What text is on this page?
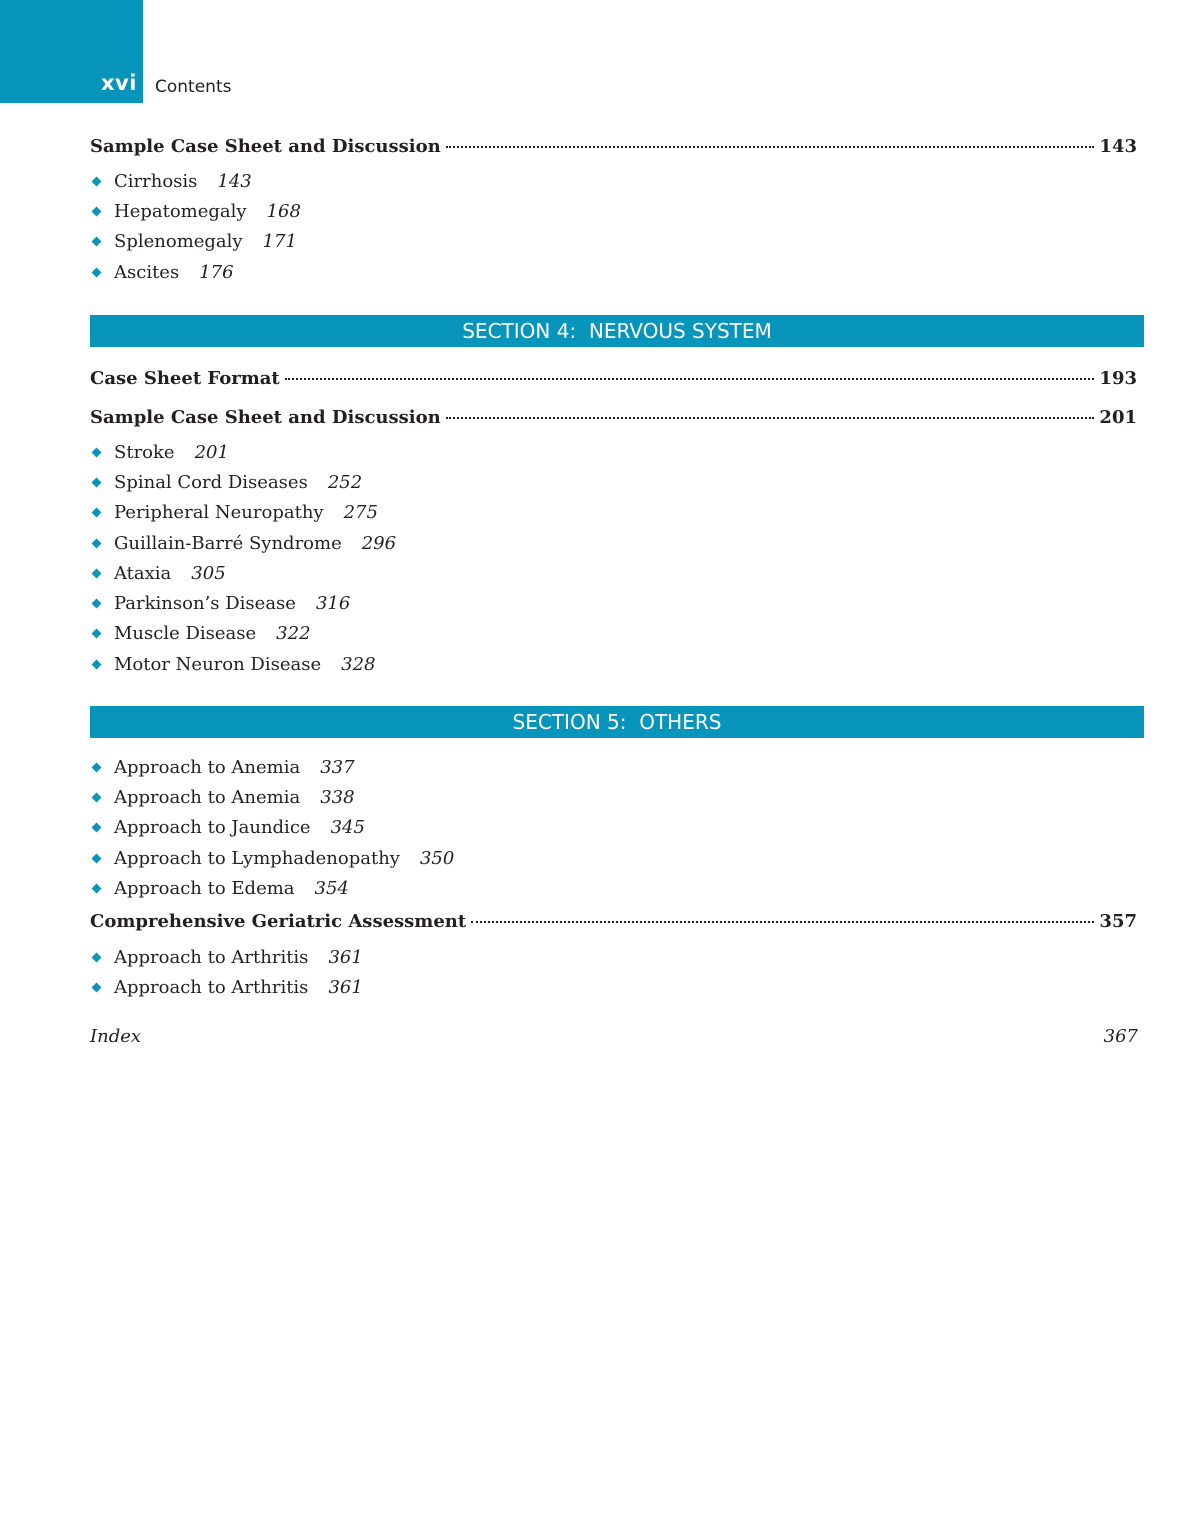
xvi Contents
Sample Case Sheet and Discussion	143
Cirrhosis 143
Hepatomegaly 168
Splenomegaly 171
Ascites 176
SECTION 4:  NERVOUS SYSTEM
Case Sheet Format	193
Sample Case Sheet and Discussion	201
Stroke 201
Spinal Cord Diseases 252
Peripheral Neuropathy 275
Guillain-Barré Syndrome 296
Ataxia 305
Parkinson’s Disease 316
Muscle Disease 322
Motor Neuron Disease 328
SECTION 5:  OTHERS
Approach to Anemia 337
Approach to Anemia 338
Approach to Jaundice 345
Approach to Lymphadenopathy 350
Approach to Edema 354
Comprehensive Geriatric Assessment	357
Approach to Arthritis 361
Approach to Arthritis 361
Index	367
